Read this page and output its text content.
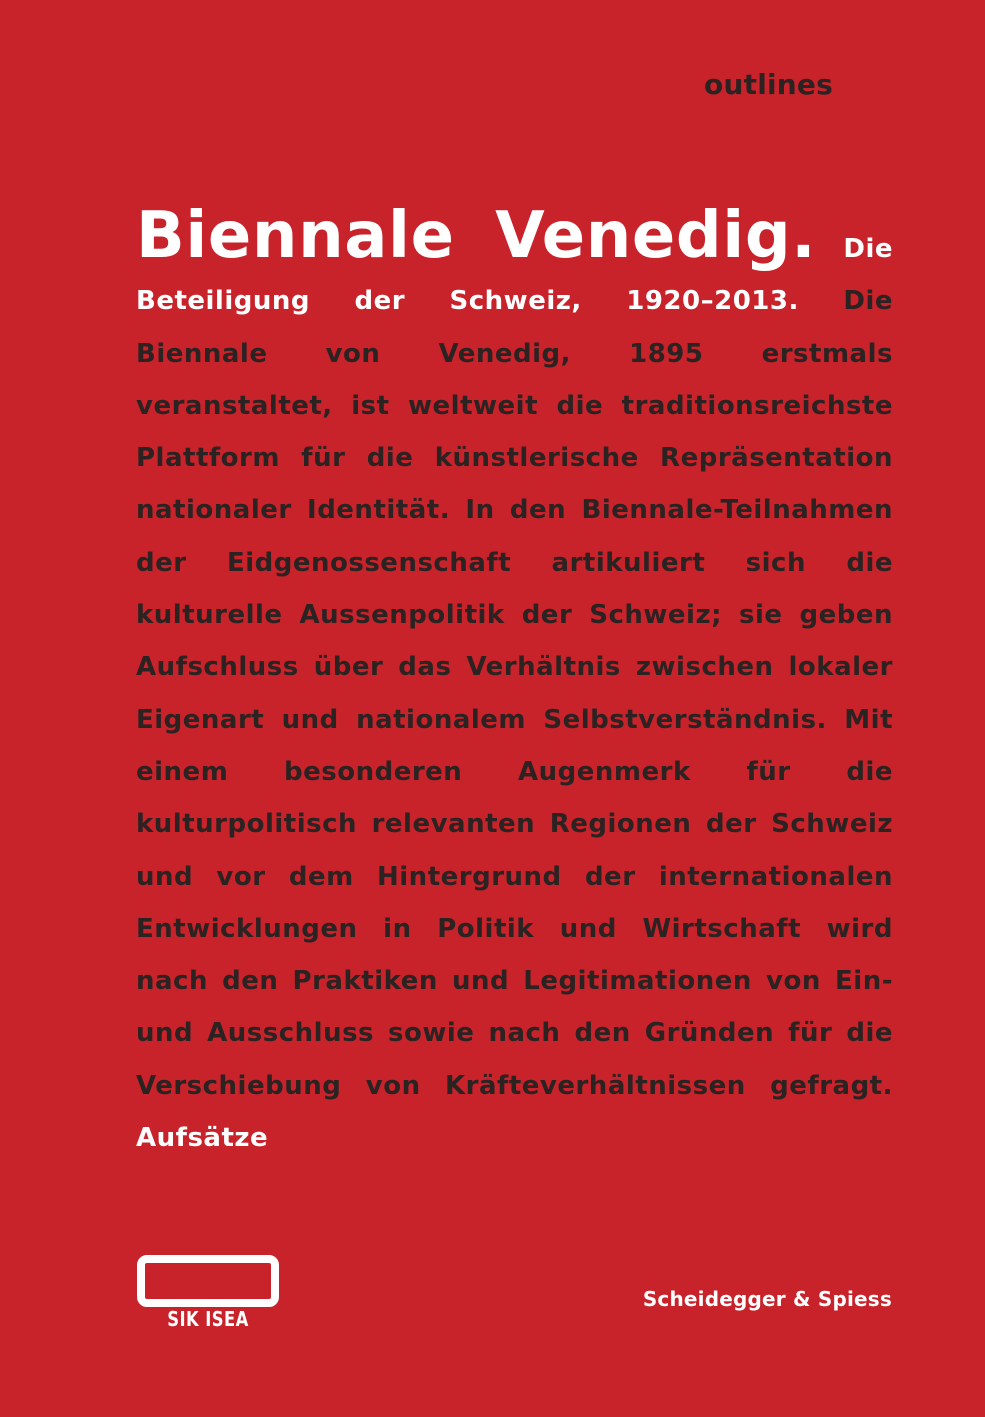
outlines

Biennale Venedig. Die Beteiligung der Schweiz, 1920–2013. Die Biennale von Venedig, 1895 erstmals veranstaltet, ist weltweit die traditionsreichste Plattform für die künstlerische Repräsentation nationaler Identität. In den Biennale-Teilnahmen der Eidgenossenschaft artikuliert sich die kulturelle Aussenpolitik der Schweiz; sie geben Aufschluss über das Verhältnis zwischen lokaler Eigenart und nationalem Selbstverständnis. Mit einem besonderen Augenmerk für die kulturpolitisch relevanten Regionen der Schweiz und vor dem Hintergrund der internationalen Entwicklungen in Politik und Wirtschaft wird nach den Praktiken und Legitimationen von Ein- und Ausschluss sowie nach den Gründen für die Verschiebung von Kräfteverhältnissen gefragt. Aufsätze

SIK ISEA

Scheidegger & Spiess
